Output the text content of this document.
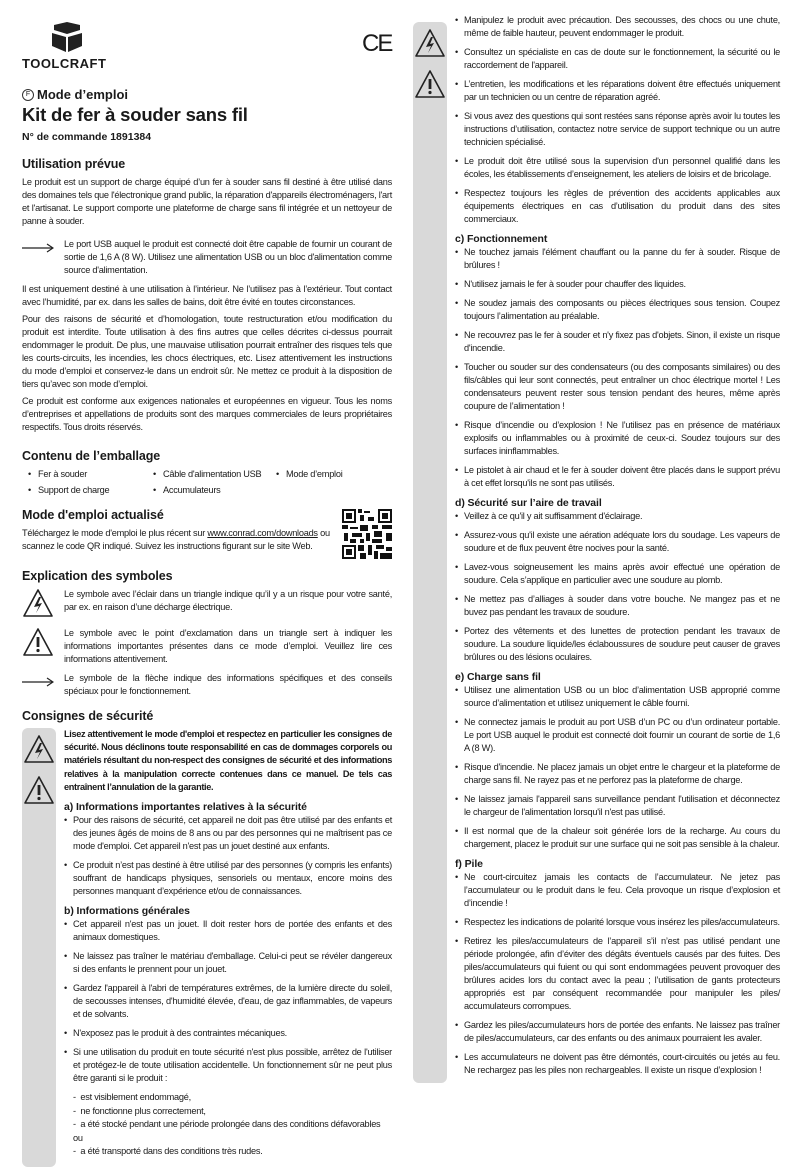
TOOLCRAFT
CE
F Mode d’emploi
Kit de fer à souder sans fil
N° de commande 1891384
Utilisation prévue

Le produit est un support de charge équipé d’un fer à souder sans fil destiné à être utilisé dans des domaines tels que l'électronique grand public, la réparation d'appareils électroménagers, l'art et l'artisanat. Le support comporte une plateforme de charge sans fil intégrée et un nettoyeur de panne à souder.

Le port USB auquel le produit est connecté doit être capable de fournir un courant de sortie de 1,6 A (8 W). Utilisez une alimentation USB ou un bloc d'alimentation comme source d'alimentation.

Il est uniquement destiné à une utilisation à l’intérieur. Ne l’utilisez pas à l’extérieur. Tout contact avec l’humidité, par ex. dans les salles de bains, doit être évité en toutes circonstances.

Pour des raisons de sécurité et d’homologation, toute restructuration et/ou modification du produit est interdite. Toute utilisation à des fins autres que celles décrites ci-dessus pourrait endommager le produit. De plus, une mauvaise utilisation pourrait entraîner des risques tels que les courts-circuits, les incendies, les chocs électriques, etc. Lisez attentivement les instructions du mode d’emploi et conservez-le dans un endroit sûr. Ne mettez ce produit à la disposition de tiers qu’avec son mode d’emploi.

Ce produit est conforme aux exigences nationales et européennes en vigueur. Tous les noms d’entreprises et appellations de produits sont des marques commerciales de leurs propriétaires respectifs. Tous droits réservés.

Contenu de l’emballage
• Fer à souder	• Câble d'alimentation USB	• Mode d’emploi
• Support de charge	• Accumulateurs
Mode d'emploi actualisé

Téléchargez le mode d'emploi le plus récent sur www.conrad.com/downloads ou scannez le code QR indiqué. Suivez les instructions figurant sur le site Web.

Explication des symboles

Le symbole avec l’éclair dans un triangle indique qu’il y a un risque pour votre santé, par ex. en raison d’une décharge électrique.

Le symbole avec le point d’exclamation dans un triangle sert à indiquer les informations importantes présentes dans ce mode d’emploi. Veuillez lire ces informations attentivement.

Le symbole de la flèche indique des informations spécifiques et des conseils spéciaux pour le fonctionnement.

Consignes de sécurité

Lisez attentivement le mode d'emploi et respectez en particulier les consignes de sécurité. Nous déclinons toute responsabilité en cas de dommages corporels ou matériels résultant du non-respect des consignes de sécurité et des informations relatives à la manipulation correcte contenues dans ce manuel. De tels cas entraînent l’annulation de la garantie.

a) Informations importantes relatives à la sécurité
• Pour des raisons de sécurité, cet appareil ne doit pas être utilisé par des enfants et des jeunes âgés de moins de 8 ans ou par des personnes qui ne maîtrisent pas ce mode d'emploi. Cet appareil n'est pas un jouet destiné aux enfants.
• Ce produit n’est pas destiné à être utilisé par des personnes (y compris les enfants) souffrant de handicaps physiques, sensoriels ou mentaux, encore moins des personnes manquant d’expérience et/ou de connaissances.
b) Informations générales
• Cet appareil n'est pas un jouet. Il doit rester hors de portée des enfants et des animaux domestiques.
• Ne laissez pas traîner le matériau d'emballage. Celui-ci peut se révéler dangereux si des enfants le prennent pour un jouet.
• Gardez l'appareil à l'abri de températures extrêmes, de la lumière directe du soleil, de secousses intenses, d'humidité élevée, d'eau, de gaz inflammables, de vapeurs et de solvants.
• N'exposez pas le produit à des contraintes mécaniques.
• Si une utilisation du produit en toute sécurité n'est plus possible, arrêtez de l'utiliser et protégez-le de toute utilisation accidentelle. Un fonctionnement sûr ne peut plus être garanti si le produit :
-  est visiblement endommagé,
-  ne fonctionne plus correctement,
-  a été stocké pendant une période prolongée dans des conditions défavorables ou
-  a été transporté dans des conditions très rudes.
• Manipulez le produit avec précaution. Des secousses, des chocs ou une chute, même de faible hauteur, peuvent endommager le produit.
• Consultez un spécialiste en cas de doute sur le fonctionnement, la sécurité ou le raccordement de l'appareil.
• L’entretien, les modifications et les réparations doivent être effectués uniquement par un technicien ou un centre de réparation agréé.
• Si vous avez des questions qui sont restées sans réponse après avoir lu toutes les instructions d’utilisation, contactez notre service de support technique ou un autre technicien spécialisé.
• Le produit doit être utilisé sous la supervision d'un personnel qualifié dans les écoles, les établissements d’enseignement, les ateliers de loisirs et de bricolage.
• Respectez toujours les règles de prévention des accidents applicables aux équipements électriques en cas d’utilisation du produit dans des sites commerciaux.
c) Fonctionnement
• Ne touchez jamais l'élément chauffant ou la panne du fer à souder. Risque de brûlures !
• N'utilisez jamais le fer à souder pour chauffer des liquides.
• Ne soudez jamais des composants ou pièces électriques sous tension. Coupez toujours l’alimentation au préalable.
• Ne recouvrez pas le fer à souder et n'y fixez pas d'objets. Sinon, il existe un risque d'incendie.
• Toucher ou souder sur des condensateurs (ou des composants similaires) ou des fils/câbles qui leur sont connectés, peut entraîner un choc électrique mortel ! Les condensateurs peuvent rester sous tension pendant des heures, même après coupure de l’alimentation !
• Risque d’incendie ou d’explosion ! Ne l’utilisez pas en présence de matériaux explosifs ou inflammables ou à proximité de ceux-ci. Soudez toujours sur des surfaces ininflammables.
• Le pistolet à air chaud et le fer à souder doivent être placés dans le support prévu à cet effet lorsqu'ils ne sont pas utilisés.
d) Sécurité sur l’aire de travail
• Veillez à ce qu'il y ait suffisamment d'éclairage.
• Assurez-vous qu'il existe une aération adéquate lors du soudage. Les vapeurs de soudure et de flux peuvent être nocives pour la santé.
• Lavez-vous soigneusement les mains après avoir effectué une opération de soudure. Cela s’applique en particulier avec une soudure au plomb.
• Ne mettez pas d’alliages à souder dans votre bouche. Ne mangez pas et ne buvez pas pendant les travaux de soudure.
• Portez des vêtements et des lunettes de protection pendant les travaux de soudure. La soudure liquide/les éclaboussures de soudure peut causer de graves brûlures ou des lésions oculaires.
e) Charge sans fil
• Utilisez une alimentation USB ou un bloc d’alimentation USB approprié comme source d’alimentation et utilisez uniquement le câble fourni.
• Ne connectez jamais le produit au port USB d’un PC ou d’un ordinateur portable. Le port USB auquel le produit est connecté doit fournir un courant de sortie de 1,6 A (8 W).
• Risque d'incendie. Ne placez jamais un objet entre le chargeur et la plateforme de charge sans fil. Ne rayez pas et ne perforez pas la plateforme de charge.
• Ne laissez jamais l'appareil sans surveillance pendant l'utilisation et déconnectez le chargeur de l'alimentation lorsqu'il n'est pas utilisé.
• Il est normal que de la chaleur soit générée lors de la recharge. Au cours du chargement, placez le produit sur une surface qui ne soit pas sensible à la chaleur.
f) Pile
• Ne court-circuitez jamais les contacts de l’accumulateur. Ne jetez pas l’accumulateur ou le produit dans le feu. Cela provoque un risque d’explosion et d’incendie !
• Respectez les indications de polarité lorsque vous insérez les piles/accumulateurs.
• Retirez les piles/accumulateurs de l’appareil s’il n’est pas utilisé pendant une période prolongée, afin d’éviter des dégâts éventuels causés par des fuites. Des piles/accumulateurs qui fuient ou qui sont endommagées peuvent provoquer des brûlures acides lors du contact avec la peau ; l’utilisation de gants protecteurs appropriés est par conséquent recommandée pour manipuler les piles/ accumulateurs corrompues.
• Gardez les piles/accumulateurs hors de portée des enfants. Ne laissez pas traîner de piles/accumulateurs, car des enfants ou des animaux pourraient les avaler.
• Les accumulateurs ne doivent pas être démontés, court-circuités ou jetés au feu. Ne rechargez pas les piles non rechargeables. Il existe un risque d’explosion !
